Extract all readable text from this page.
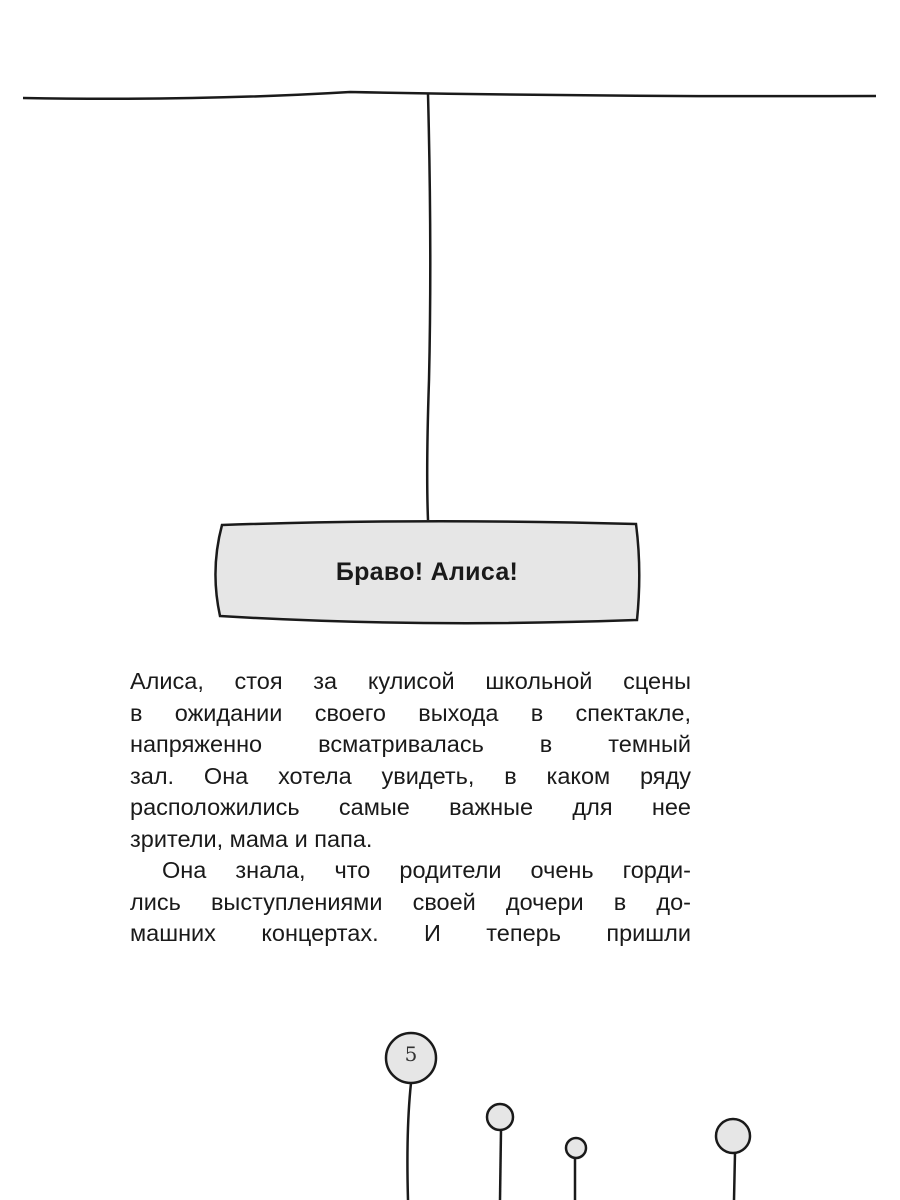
Браво! Алиса!
Алиса, стоя за кулисой школьной сцены
в ожидании своего выхода в спектакле,
напряженно всматривалась в темный
зал. Она хотела увидеть, в каком ряду
расположились самые важные для нее
зрители, мама и папа.
Она знала, что родители очень горди-
лись выступлениями своей дочери в до-
машних концертах. И теперь пришли
5
